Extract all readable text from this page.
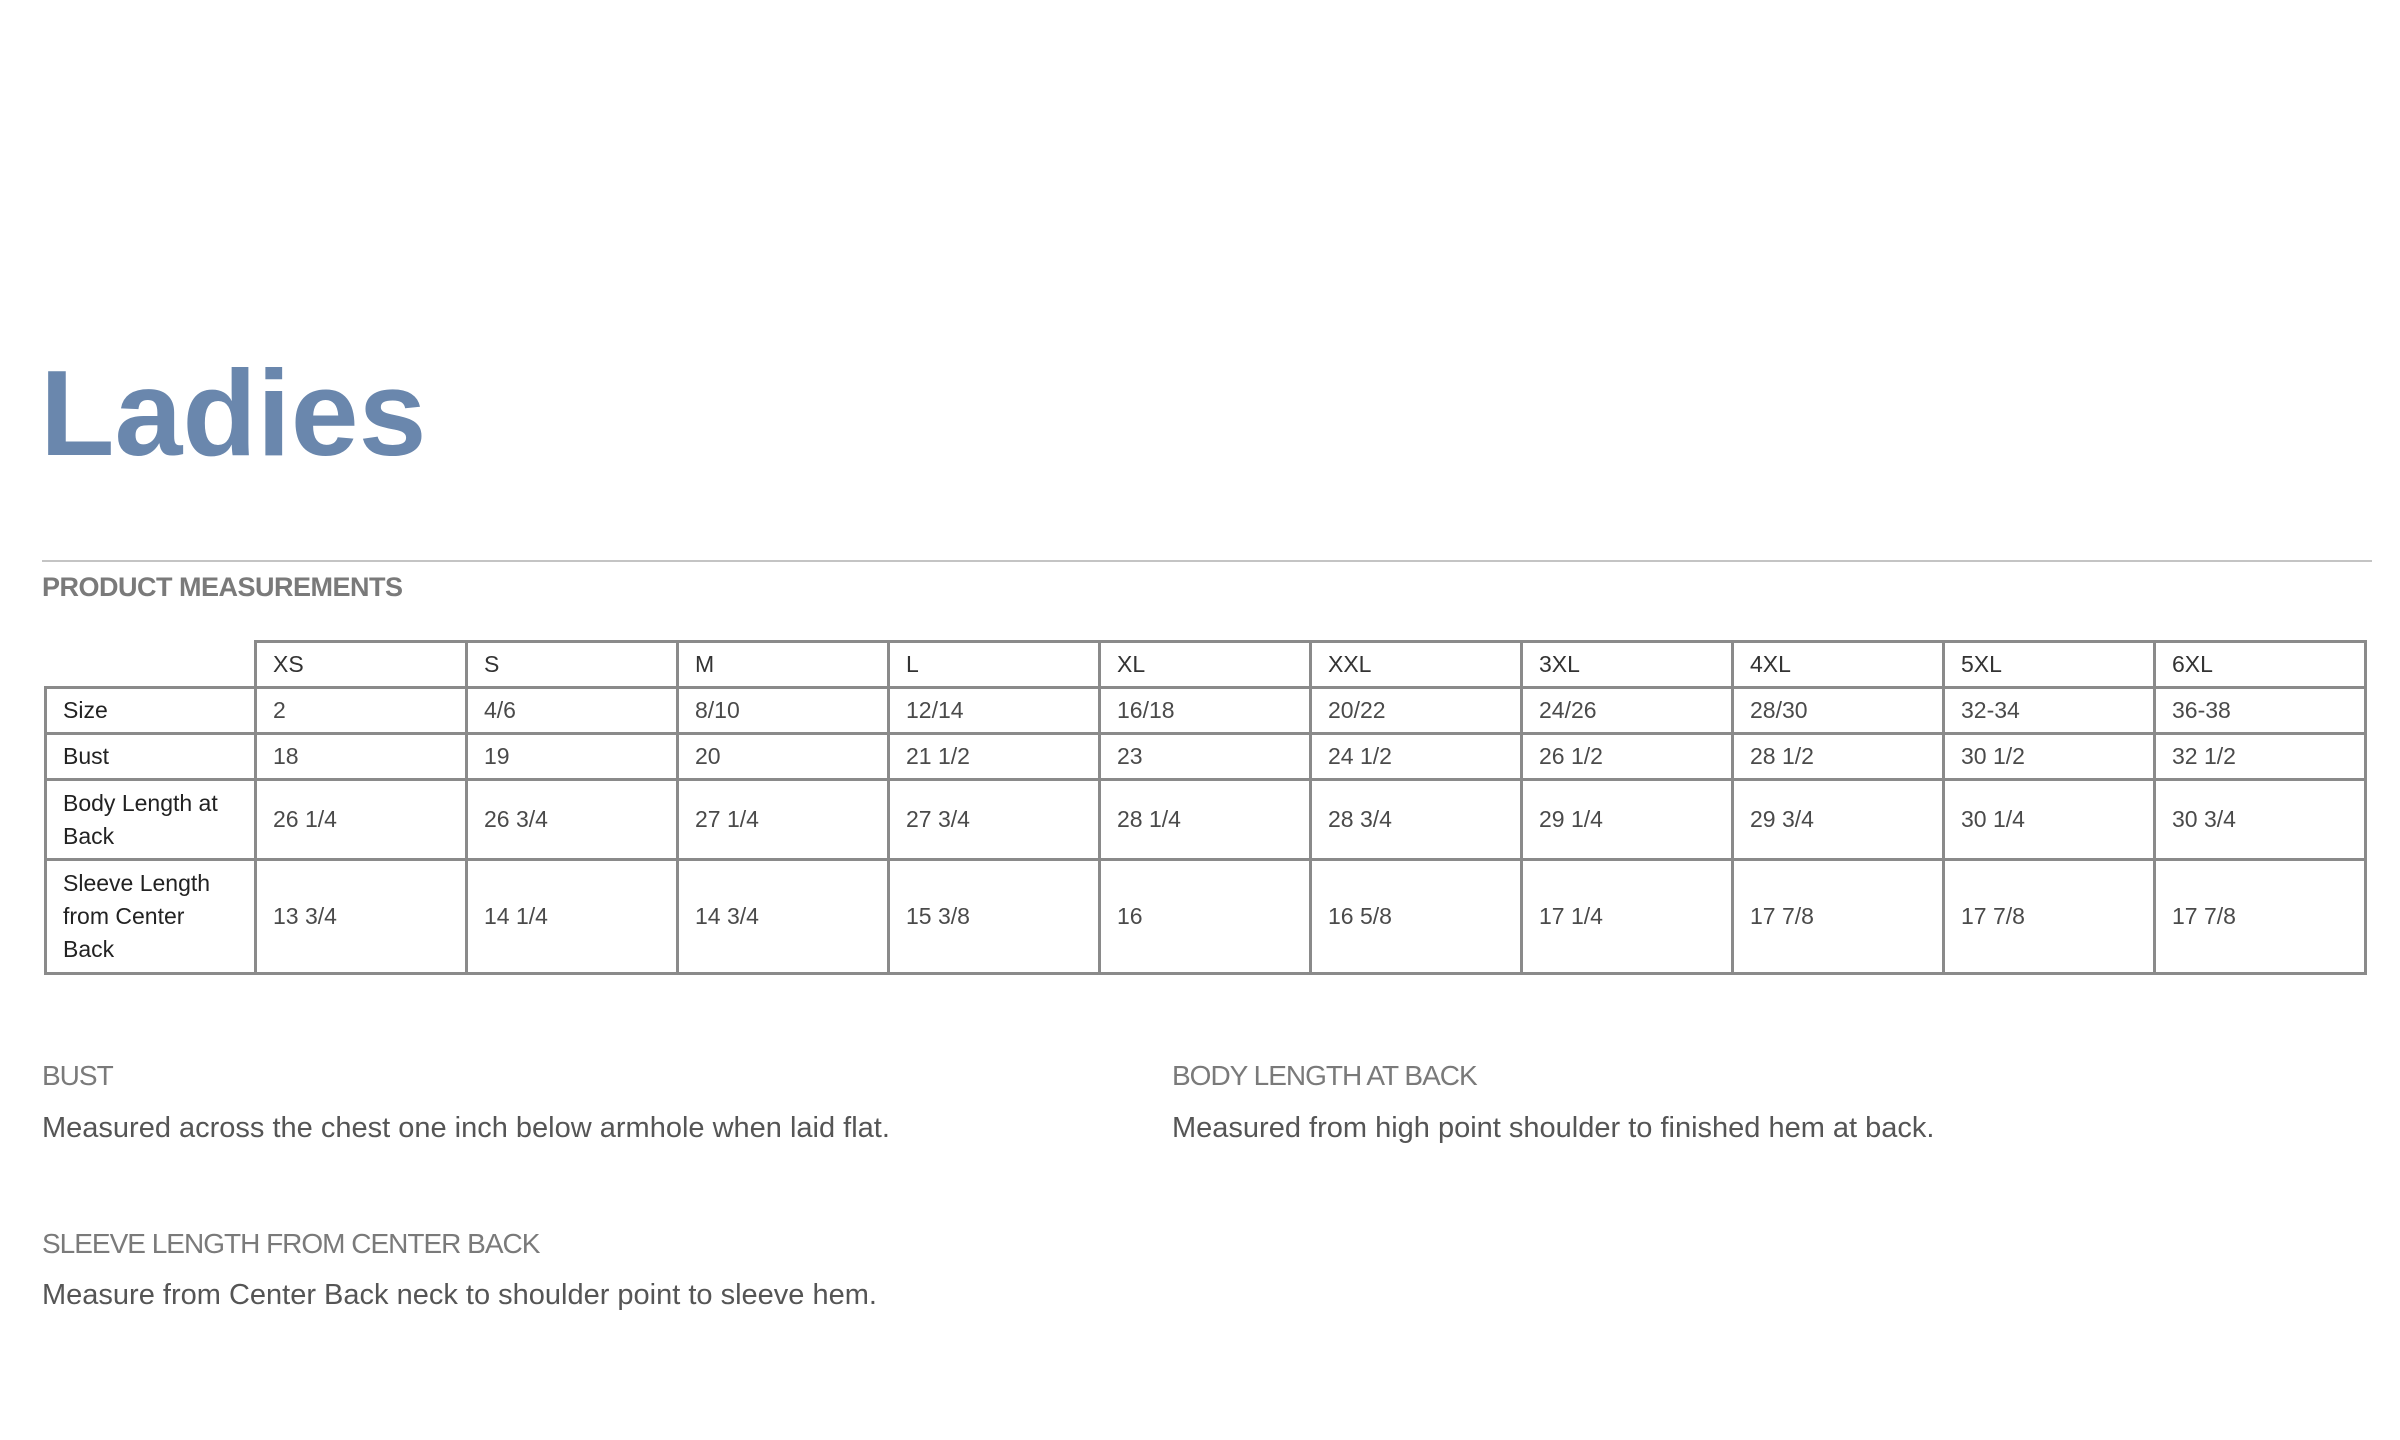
Ladies
PRODUCT MEASUREMENTS
	XS	S	M	L	XL	XXL	3XL	4XL	5XL	6XL
Size	2	4/6	8/10	12/14	16/18	20/22	24/26	28/30	32-34	36-38
Bust	18	19	20	21 1/2	23	24 1/2	26 1/2	28 1/2	30 1/2	32 1/2
Body Length at Back	26 1/4	26 3/4	27 1/4	27 3/4	28 1/4	28 3/4	29 1/4	29 3/4	30 1/4	30 3/4
Sleeve Length from Center Back	13 3/4	14 1/4	14 3/4	15 3/8	16	16 5/8	17 1/4	17 7/8	17 7/8	17 7/8
BUST

Measured across the chest one inch below armhole when laid flat.

BODY LENGTH AT BACK

Measured from high point shoulder to finished hem at back.

SLEEVE LENGTH FROM CENTER BACK

Measure from Center Back neck to shoulder point to sleeve hem.
